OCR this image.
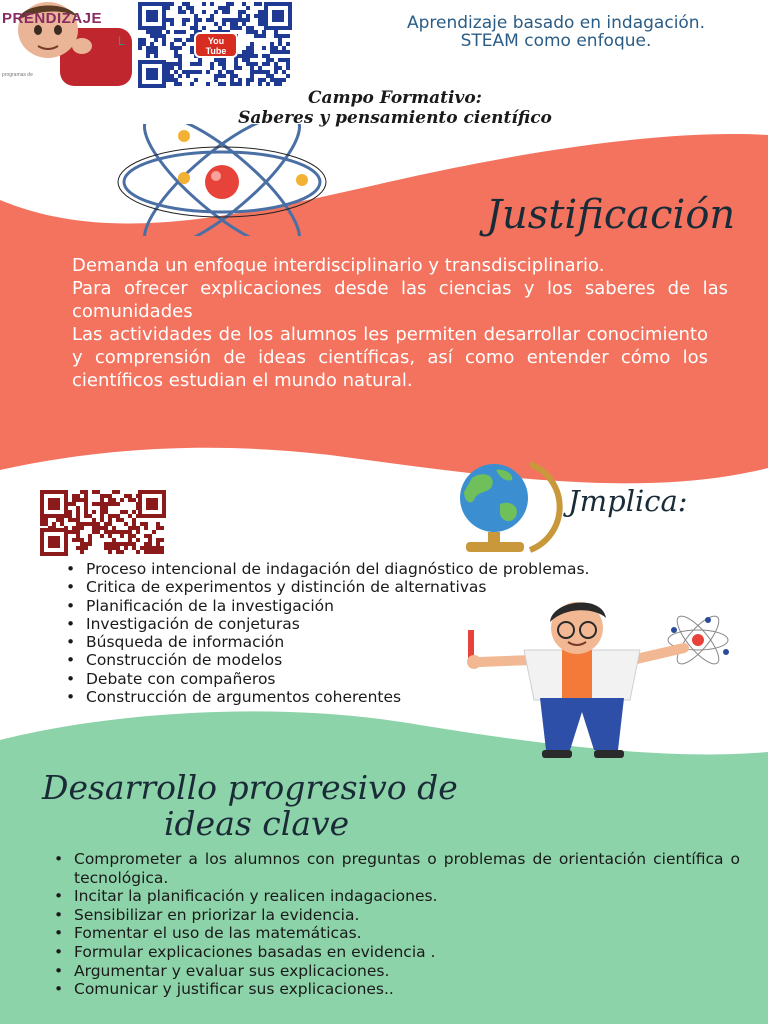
PRENDIZAJE
L
programas de
You
Tube
Aprendizaje basado en indagación. STEAM como enfoque.
Campo Formativo:
Saberes y pensamiento científico
Justificación

Demanda un enfoque interdisciplinario y transdisciplinario.

Para ofrecer explicaciones desde las ciencias y los saberes de las comunidades

Las actividades de los alumnos les permiten desarrollar conocimiento y comprensión de ideas científicas, así como entender cómo los científicos estudian el mundo natural.

Jmplica:
• Proceso intencional de indagación del diagnóstico de problemas.
• Critica de experimentos y distinción de alternativas
• Planificación de la investigación
• Investigación de conjeturas
• Búsqueda de información
• Construcción de modelos
• Debate con compañeros
• Construcción de argumentos coherentes
Desarrollo progresivo de
ideas clave
• Comprometer a los alumnos con preguntas o problemas de orientación científica o tecnológica.
• Incitar la planificación y realicen indagaciones.
• Sensibilizar en priorizar la evidencia.
• Fomentar el uso de las matemáticas.
• Formular explicaciones basadas en evidencia .
• Argumentar y evaluar sus explicaciones.
• Comunicar y justificar sus explicaciones..
